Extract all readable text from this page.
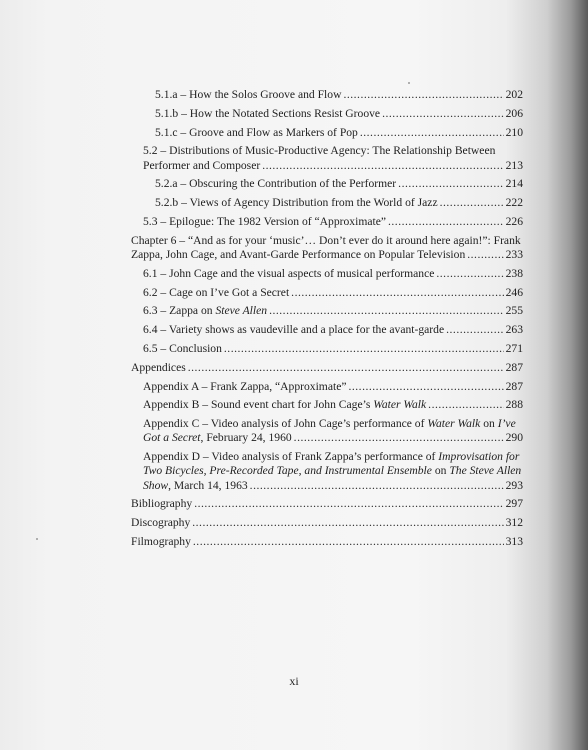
5.1.a – How the Solos Groove and Flow .....	202
5.1.b – How the Notated Sections Resist Groove .....	206
5.1.c – Groove and Flow as Markers of Pop .....	210
5.2 – Distributions of Music-Productive Agency: The Relationship Between
Performer and Composer .....	213
5.2.a – Obscuring the Contribution of the Performer .....	214
5.2.b – Views of Agency Distribution from the World of Jazz .....	222
5.3 – Epilogue: The 1982 Version of “Approximate” .....	226
Chapter 6 – “And as for your ‘music’… Don’t ever do it around here again!”: Frank
Zappa, John Cage, and Avant-Garde Performance on Popular Television .....	233
6.1 – John Cage and the visual aspects of musical performance .....	238
6.2 – Cage on I’ve Got a Secret .....	246
6.3 – Zappa on Steve Allen .....	255
6.4 – Variety shows as vaudeville and a place for the avant-garde .....	263
6.5 – Conclusion .....	271
Appendices .....	287
Appendix A – Frank Zappa, “Approximate” .....	287
Appendix B – Sound event chart for John Cage’s Water Walk .....	288
Appendix C – Video analysis of John Cage’s performance of Water Walk on I’ve
Got a Secret, February 24, 1960 .....	290
Appendix D – Video analysis of Frank Zappa’s performance of Improvisation for Two Bicycles, Pre-Recorded Tape, and Instrumental Ensemble on The Steve Allen
Show, March 14, 1963 .....	293
Bibliography .....	297
Discography .....	312
Filmography .....	313
xi
